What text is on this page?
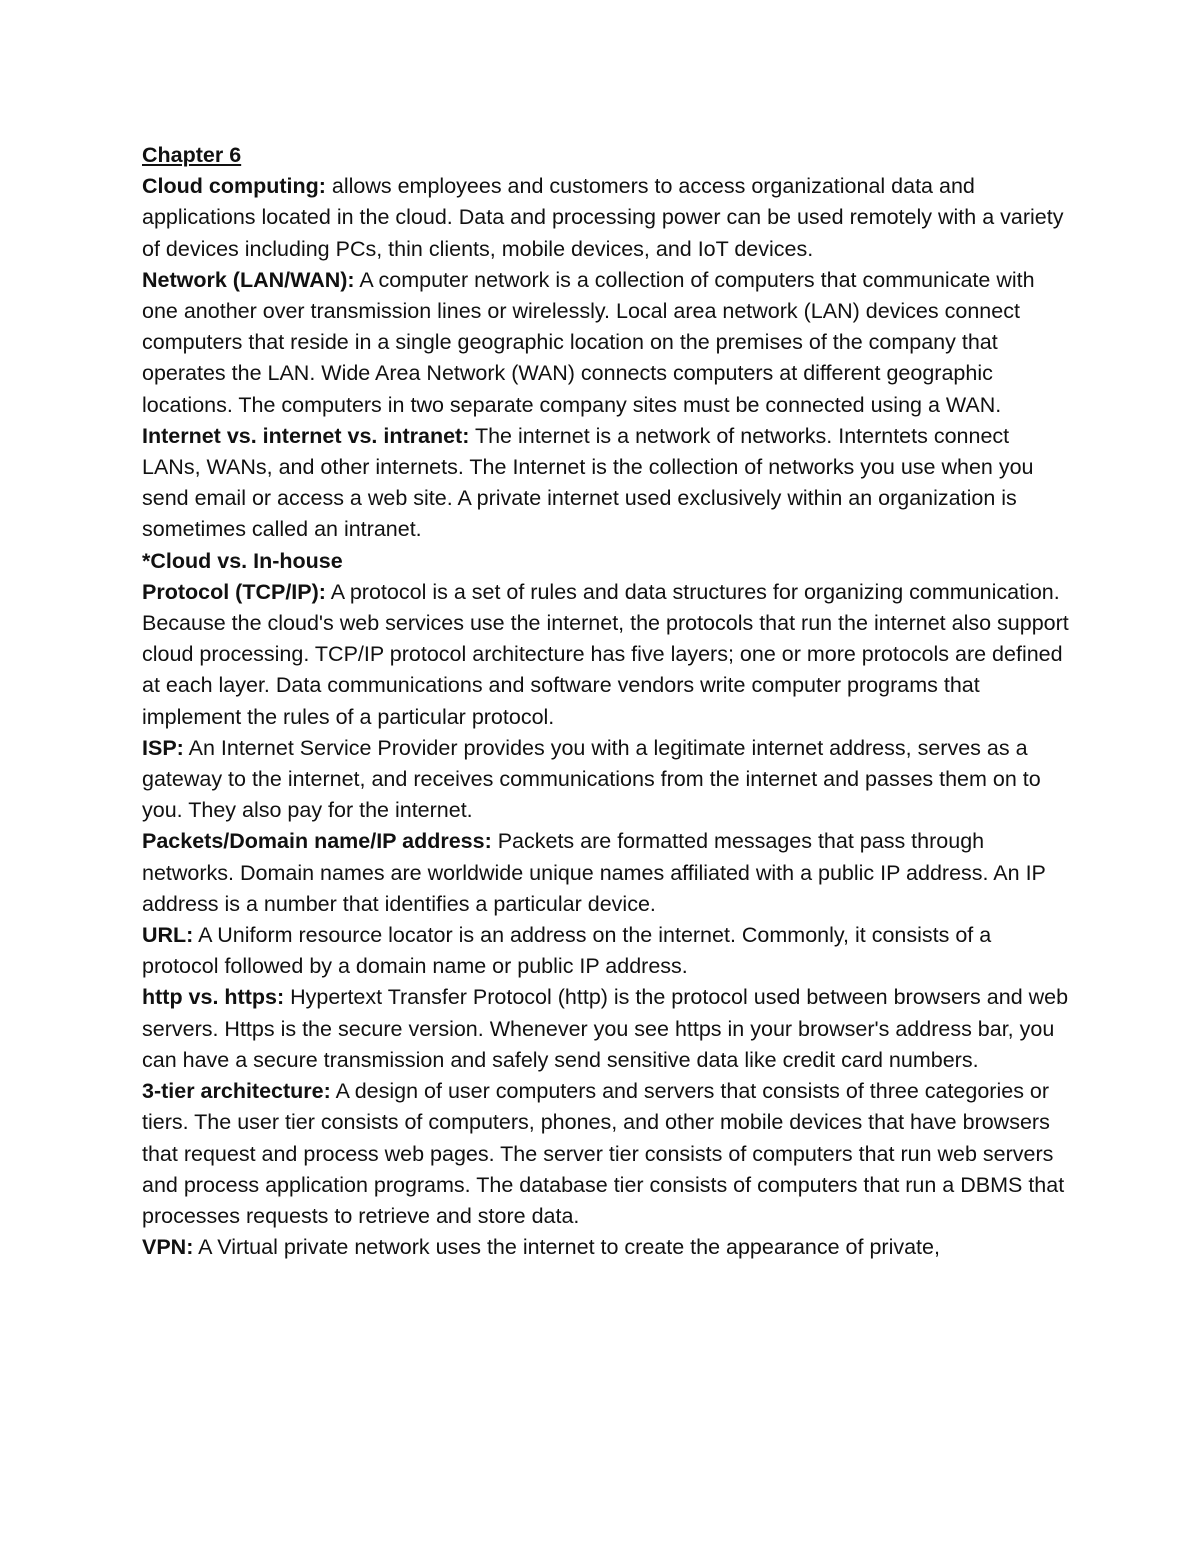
Chapter 6

Cloud computing: allows employees and customers to access organizational data and applications located in the cloud. Data and processing power can be used remotely with a variety of devices including PCs, thin clients, mobile devices, and IoT devices.

Network (LAN/WAN): A computer network is a collection of computers that communicate with one another over transmission lines or wirelessly. Local area network (LAN) devices connect computers that reside in a single geographic location on the premises of the company that operates the LAN. Wide Area Network (WAN) connects computers at different geographic locations. The computers in two separate company sites must be connected using a WAN.

Internet vs. internet vs. intranet: The internet is a network of networks. Interntets connect LANs, WANs, and other internets. The Internet is the collection of networks you use when you send email or access a web site. A private internet used exclusively within an organization is sometimes called an intranet.

*Cloud vs. In-house

Protocol (TCP/IP): A protocol is a set of rules and data structures for organizing communication. Because the cloud's web services use the internet, the protocols that run the internet also support cloud processing. TCP/IP protocol architecture has five layers; one or more protocols are defined at each layer. Data communications and software vendors write computer programs that implement the rules of a particular protocol.

ISP: An Internet Service Provider provides you with a legitimate internet address, serves as a gateway to the internet, and receives communications from the internet and passes them on to you. They also pay for the internet.

Packets/Domain name/IP address: Packets are formatted messages that pass through networks. Domain names are worldwide unique names affiliated with a public IP address. An IP address is a number that identifies a particular device.

URL: A Uniform resource locator is an address on the internet. Commonly, it consists of a protocol followed by a domain name or public IP address.

http vs. https: Hypertext Transfer Protocol (http) is the protocol used between browsers and web servers. Https is the secure version. Whenever you see https in your browser's address bar, you can have a secure transmission and safely send sensitive data like credit card numbers.

3-tier architecture: A design of user computers and servers that consists of three categories or tiers. The user tier consists of computers, phones, and other mobile devices that have browsers that request and process web pages. The server tier consists of computers that run web servers and process application programs. The database tier consists of computers that run a DBMS that processes requests to retrieve and store data.

VPN: A Virtual private network uses the internet to create the appearance of private,
